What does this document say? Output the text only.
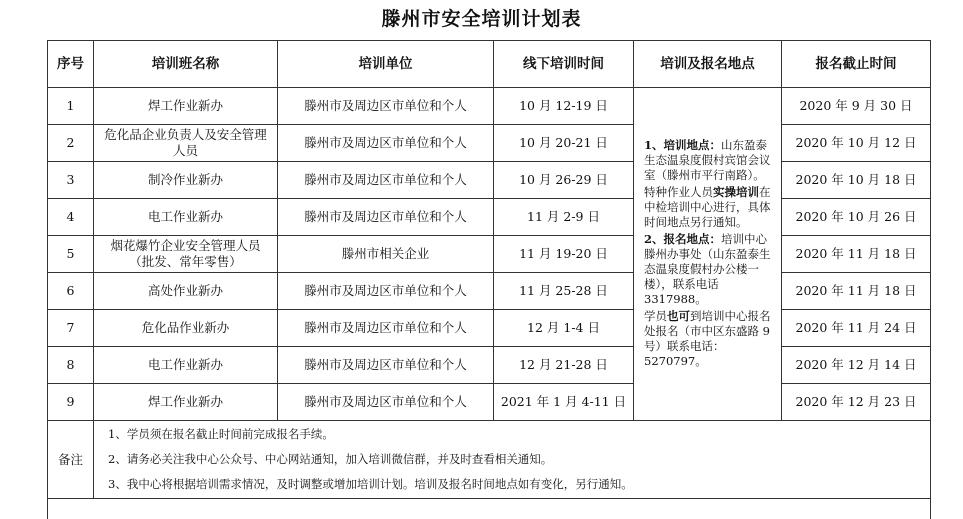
滕州市安全培训计划表
序号	培训班名称	培训单位	线下培训时间	培训及报名地点	报名截止时间
1	焊工作业新办	滕州市及周边区市单位和个人	10 月 12-19 日	1、培训地点：山东盈泰生态温泉度假村宾馆会议室（滕州市平行南路）。
特种作业人员实操培训在中检培训中心进行，具体时间地点另行通知。
2、报名地点：培训中心滕州办事处（山东盈泰生态温泉度假村办公楼一楼），联系电话 3317988。
学员也可到培训中心报名处报名（市中区东盛路 9 号）联系电话：5270797。	2020 年 9 月 30 日
2	危化品企业负责人及安全管理人员	滕州市及周边区市单位和个人	10 月 20-21 日		2020 年 10 月 12 日
3	制冷作业新办	滕州市及周边区市单位和个人	10 月 26-29 日		2020 年 10 月 18 日
4	电工作业新办	滕州市及周边区市单位和个人	11 月 2-9 日		2020 年 10 月 26 日
5	烟花爆竹企业安全管理人员（批发、常年零售）	滕州市相关企业	11 月 19-20 日		2020 年 11 月 18 日
6	高处作业新办	滕州市及周边区市单位和个人	11 月 25-28 日		2020 年 11 月 18 日
7	危化品作业新办	滕州市及周边区市单位和个人	12 月 1-4 日		2020 年 11 月 24 日
8	电工作业新办	滕州市及周边区市单位和个人	12 月 21-28 日		2020 年 12 月 14 日
9	焊工作业新办	滕州市及周边区市单位和个人	2021 年 1 月 4-11 日		2020 年 12 月 23 日
备注	1、学员须在报名截止时间前完成报名手续。
2、请务必关注我中心公众号、中心网站通知，加入培训微信群，并及时查看相关通知。
3、我中心将根据培训需求情况，及时调整或增加培训计划。培训及报名时间地点如有变化，另行通知。				
